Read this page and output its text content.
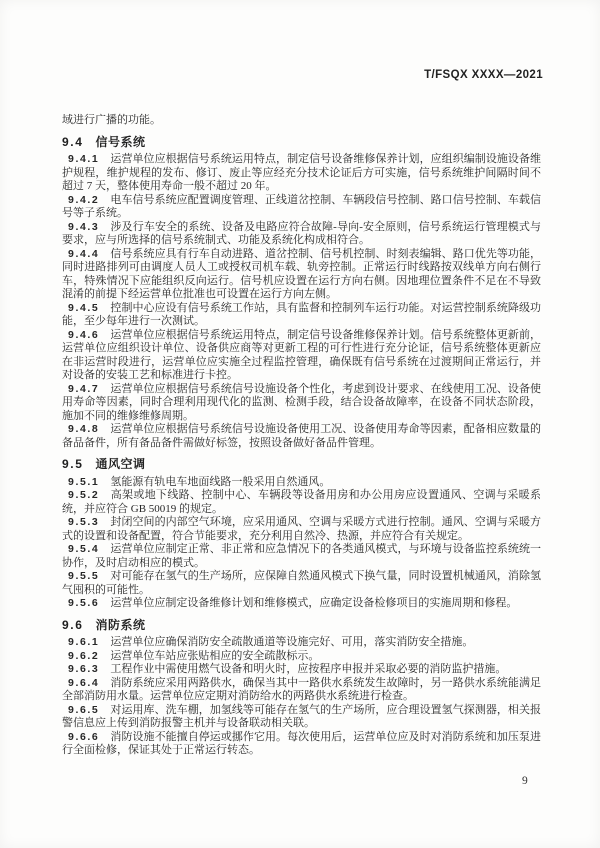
T/FSQX XXXX—2021

域进行广播的功能。

9.4 信号系统

9.4.1 运营单位应根据信号系统运用特点，制定信号设备维修保养计划，应组织编制设施设备维护规程，维护规程的发布、修订、废止等应经充分技术论证后方可实施，信号系统维护间隔时间不超过 7 天，整体使用寿命一般不超过 20 年。

9.4.2 电车信号系统应配置调度管理、正线道岔控制、车辆段信号控制、路口信号控制、车载信号等子系统。

9.4.3 涉及行车安全的系统、设备及电路应符合故障-导向-安全原则，信号系统运行管理模式与要求，应与所选择的信号系统制式、功能及系统化构成相符合。

9.4.4 信号系统应具有行车自动进路、道岔控制、信号机控制、时刻表编辑、路口优先等功能，同时进路排列可由调度人员人工或授权司机车载、轨旁控制。正常运行时线路按双线单方向右侧行车，特殊情况下应能组织反向运行。信号机应设置在运行方向右侧。因地理位置条件不足在不导致混淆的前提下经运营单位批准也可设置在运行方向左侧。

9.4.5 控制中心应设有信号系统工作站，具有监督和控制列车运行功能。对运营控制系统降级功能，至少每年进行一次测试。

9.4.6 运营单位应根据信号系统运用特点，制定信号设备维修保养计划。信号系统整体更新前，运营单位应组织设计单位、设备供应商等对更新工程的可行性进行充分论证，信号系统整体更新应在非运营时段进行，运营单位应实施全过程监控管理，确保既有信号系统在过渡期间正常运行，并对设备的安装工艺和标准进行卡控。

9.4.7 运营单位应根据信号系统信号设施设备个性化，考虑到设计要求、在线使用工况、设备使用寿命等因素，同时合理利用现代化的监测、检测手段，结合设备故障率，在设备不同状态阶段，施加不同的维修维修周期。

9.4.8 运营单位应根据信号系统信号设施设备使用工况、设备使用寿命等因素，配备相应数量的备品备件，所有备品备件需做好标签，按照设备做好备品件管理。

9.5 通风空调

9.5.1 氢能源有轨电车地面线路一般采用自然通风。

9.5.2 高架或地下线路、控制中心、车辆段等设备用房和办公用房应设置通风、空调与采暖系统，并应符合 GB 50019 的规定。

9.5.3 封闭空间的内部空气环境，应采用通风、空调与采暖方式进行控制。通风、空调与采暖方式的设置和设备配置，符合节能要求，充分利用自然冷、热源，并应符合有关规定。

9.5.4 运营单位应制定正常、非正常和应急情况下的各类通风模式，与环境与设备监控系统统一协作，及时启动相应的模式。

9.5.5 对可能存在氢气的生产场所，应保障自然通风模式下换气量，同时设置机械通风，消除氢气囤积的可能性。

9.5.6 运营单位应制定设备维修计划和维修模式，应确定设备检修项目的实施周期和修程。

9.6 消防系统

9.6.1 运营单位应确保消防安全疏散通道等设施完好、可用，落实消防安全措施。

9.6.2 运营单位车站应张贴相应的安全疏散标示。

9.6.3 工程作业中需使用燃气设备和明火时，应按程序申报并采取必要的消防监护措施。

9.6.4 消防系统应采用两路供水，确保当其中一路供水系统发生故障时，另一路供水系统能满足全部消防用水量。运营单位应定期对消防给水的两路供水系统进行检查。

9.6.5 对运用库、洗车棚，加氢线等可能存在氢气的生产场所，应合理设置氢气探测器，相关报警信息应上传到消防报警主机并与设备联动相关联。

9.6.6 消防设施不能擅自停运或挪作它用。每次使用后，运营单位应及时对消防系统和加压泵进行全面检修，保证其处于正常运行转态。

9
